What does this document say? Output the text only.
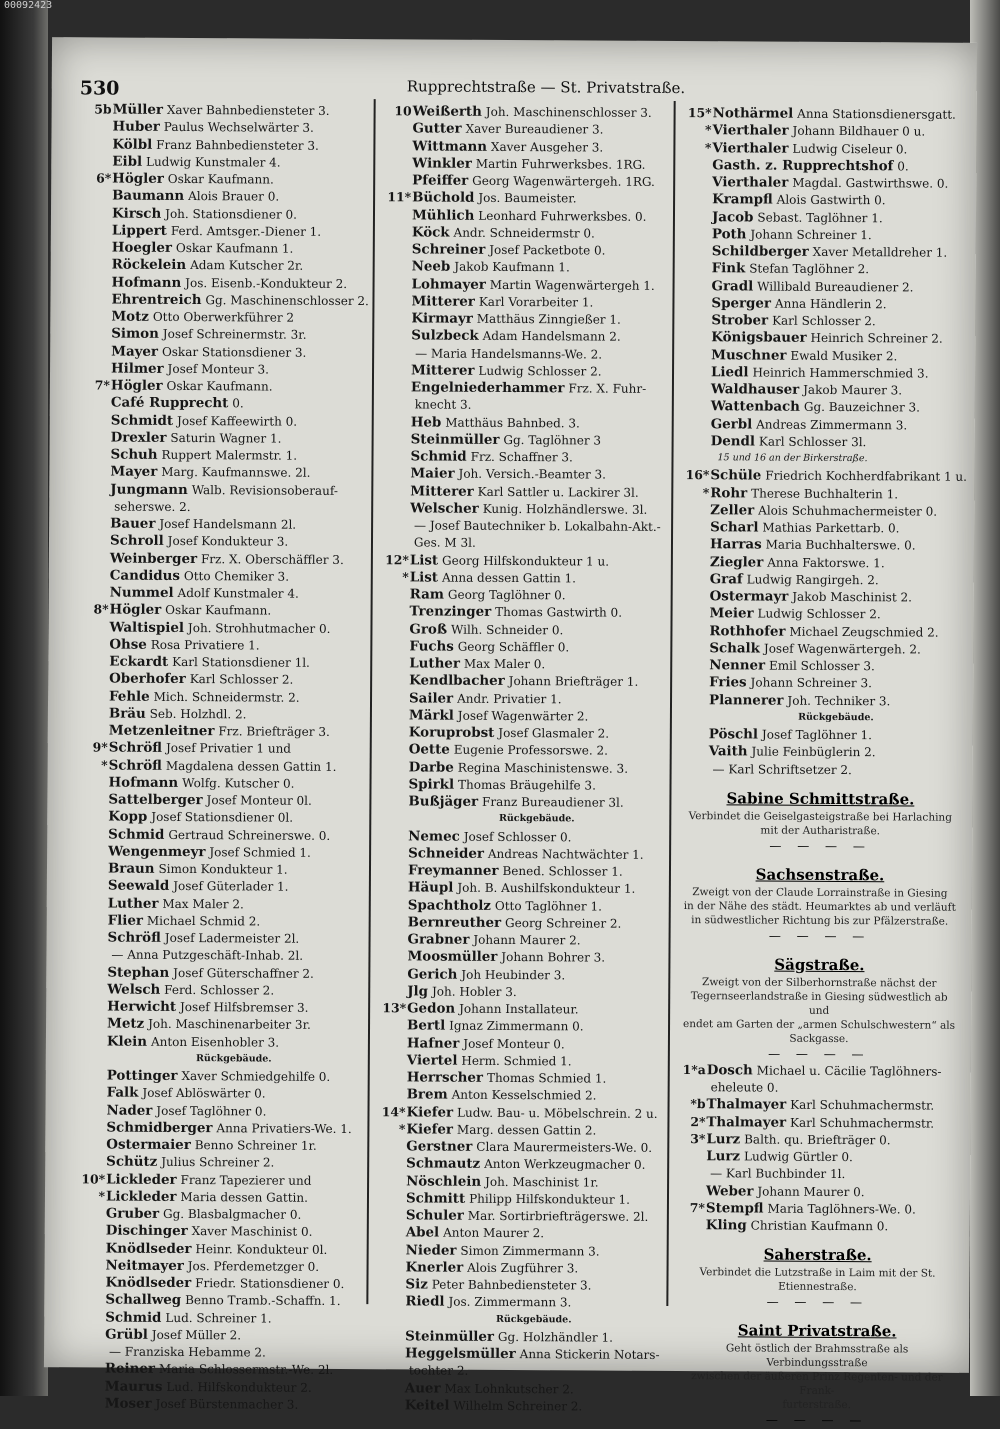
00092423
530	Rupprechtstraße — St. Privatstraße.
5bMüller Xaver Bahnbediensteter 3.
Huber Paulus Wechselwärter 3.
Kölbl Franz Bahnbediensteter 3.
Eibl Ludwig Kunstmaler 4.
6*Högler Oskar Kaufmann.
Baumann Alois Brauer 0.
Kirsch Joh. Stationsdiener 0.
Lippert Ferd. Amtsger.-Diener 1.
Hoegler Oskar Kaufmann 1.
Röckelein Adam Kutscher 2r.
Hofmann Jos. Eisenb.-Kondukteur 2.
Ehrentreich Gg. Maschinenschlosser 2.
Motz Otto Oberwerkführer 2
Simon Josef Schreinermstr. 3r.
Mayer Oskar Stationsdiener 3.
Hilmer Josef Monteur 3.
7*Högler Oskar Kaufmann.
Café Rupprecht 0.
Schmidt Josef Kaffeewirth 0.
Drexler Saturin Wagner 1.
Schuh Ruppert Malermstr. 1.
Mayer Marg. Kaufmannswe. 2l.
Jungmann Walb. Revisionsoberauf-
seherswe. 2.
Bauer Josef Handelsmann 2l.
Schroll Josef Kondukteur 3.
Weinberger Frz. X. Oberschäffler 3.
Candidus Otto Chemiker 3.
Nummel Adolf Kunstmaler 4.
8*Högler Oskar Kaufmann.
Waltispiel Joh. Strohhutmacher 0.
Ohse Rosa Privatiere 1.
Eckardt Karl Stationsdiener 1l.
Oberhofer Karl Schlosser 2.
Fehle Mich. Schneidermstr. 2.
Bräu Seb. Holzhdl. 2.
Metzenleitner Frz. Briefträger 3.
9*Schröfl Josef Privatier 1 und
*Schröfl Magdalena dessen Gattin 1.
Hofmann Wolfg. Kutscher 0.
Sattelberger Josef Monteur 0l.
Kopp Josef Stationsdiener 0l.
Schmid Gertraud Schreinerswe. 0.
Wengenmeyr Josef Schmied 1.
Braun Simon Kondukteur 1.
Seewald Josef Güterlader 1.
Luther Max Maler 2.
Flier Michael Schmid 2.
Schröfl Josef Ladermeister 2l.
— Anna Putzgeschäft-Inhab. 2l.
Stephan Josef Güterschaffner 2.
Welsch Ferd. Schlosser 2.
Herwicht Josef Hilfsbremser 3.
Metz Joh. Maschinenarbeiter 3r.
Klein Anton Eisenhobler 3.
Rückgebäude.
Pottinger Xaver Schmiedgehilfe 0.
Falk Josef Ablöswärter 0.
Nader Josef Taglöhner 0.
Schmidberger Anna Privatiers-We. 1.
Ostermaier Benno Schreiner 1r.
Schütz Julius Schreiner 2.
10*Lickleder Franz Tapezierer und
*Lickleder Maria dessen Gattin.
Gruber Gg. Blasbalgmacher 0.
Dischinger Xaver Maschinist 0.
Knödlseder Heinr. Kondukteur 0l.
Neitmayer Jos. Pferdemetzger 0.
Knödlseder Friedr. Stationsdiener 0.
Schallweg Benno Tramb.-Schaffn. 1.
Schmid Lud. Schreiner 1.
Grübl Josef Müller 2.
— Franziska Hebamme 2.
Reiner Maria Schlossermstr.-We. 2l.
Maurus Lud. Hilfskondukteur 2.
Moser Josef Bürstenmacher 3.
10Weißerth Joh. Maschinenschlosser 3.
Gutter Xaver Bureaudiener 3.
Wittmann Xaver Ausgeher 3.
Winkler Martin Fuhrwerksbes. 1RG.
Pfeiffer Georg Wagenwärtergeh. 1RG.
11*Büchold Jos. Baumeister.
Mühlich Leonhard Fuhrwerksbes. 0.
Köck Andr. Schneidermstr 0.
Schreiner Josef Packetbote 0.
Neeb Jakob Kaufmann 1.
Lohmayer Martin Wagenwärtergeh 1.
Mitterer Karl Vorarbeiter 1.
Kirmayr Matthäus Zinngießer 1.
Sulzbeck Adam Handelsmann 2.
— Maria Handelsmanns-We. 2.
Mitterer Ludwig Schlosser 2.
Engelniederhammer Frz. X. Fuhr-
knecht 3.
Heb Matthäus Bahnbed. 3.
Steinmüller Gg. Taglöhner 3
Schmid Frz. Schaffner 3.
Maier Joh. Versich.-Beamter 3.
Mitterer Karl Sattler u. Lackirer 3l.
Welscher Kunig. Holzhändlerswe. 3l.
— Josef Bautechniker b. Lokalbahn-Akt.-
Ges. M 3l.
12*List Georg Hilfskondukteur 1 u.
*List Anna dessen Gattin 1.
Ram Georg Taglöhner 0.
Trenzinger Thomas Gastwirth 0.
Groß Wilh. Schneider 0.
Fuchs Georg Schäffler 0.
Luther Max Maler 0.
Kendlbacher Johann Briefträger 1.
Sailer Andr. Privatier 1.
Märkl Josef Wagenwärter 2.
Koruprobst Josef Glasmaler 2.
Oette Eugenie Professorswe. 2.
Darbe Regina Maschinistenswe. 3.
Spirkl Thomas Bräugehilfe 3.
Bußjäger Franz Bureaudiener 3l.
Rückgebäude.
Nemec Josef Schlosser 0.
Schneider Andreas Nachtwächter 1.
Freymanner Bened. Schlosser 1.
Häupl Joh. B. Aushilfskondukteur 1.
Spachtholz Otto Taglöhner 1.
Bernreuther Georg Schreiner 2.
Grabner Johann Maurer 2.
Moosmüller Johann Bohrer 3.
Gerich Joh Heubinder 3.
Jlg Joh. Hobler 3.
13*Gedon Johann Installateur.
Bertl Ignaz Zimmermann 0.
Hafner Josef Monteur 0.
Viertel Herm. Schmied 1.
Herrscher Thomas Schmied 1.
Brem Anton Kesselschmied 2.
14*Kiefer Ludw. Bau- u. Möbelschrein. 2 u.
*Kiefer Marg. dessen Gattin 2.
Gerstner Clara Maurermeisters-We. 0.
Schmautz Anton Werkzeugmacher 0.
Nöschlein Joh. Maschinist 1r.
Schmitt Philipp Hilfskondukteur 1.
Schuler Mar. Sortirbriefträgerswe. 2l.
Abel Anton Maurer 2.
Nieder Simon Zimmermann 3.
Knerler Alois Zugführer 3.
Siz Peter Bahnbediensteter 3.
Riedl Jos. Zimmermann 3.
Rückgebäude.
Steinmüller Gg. Holzhändler 1.
Heggelsmüller Anna Stickerin Notars-
tochter 2.
Auer Max Lohnkutscher 2.
Keitel Wilhelm Schreiner 2.
15*Nothärmel Anna Stationsdienersgatt.
*Vierthaler Johann Bildhauer 0 u.
*Vierthaler Ludwig Ciseleur 0.
Gasth. z. Rupprechtshof 0.
Vierthaler Magdal. Gastwirthswe. 0.
Krampfl Alois Gastwirth 0.
Jacob Sebast. Taglöhner 1.
Poth Johann Schreiner 1.
Schildberger Xaver Metalldreher 1.
Fink Stefan Taglöhner 2.
Gradl Willibald Bureaudiener 2.
Sperger Anna Händlerin 2.
Strober Karl Schlosser 2.
Königsbauer Heinrich Schreiner 2.
Muschner Ewald Musiker 2.
Liedl Heinrich Hammerschmied 3.
Waldhauser Jakob Maurer 3.
Wattenbach Gg. Bauzeichner 3.
Gerbl Andreas Zimmermann 3.
Dendl Karl Schlosser 3l.
15 und 16 an der Birkerstraße.
16*Schüle Friedrich Kochherdfabrikant 1 u.
*Rohr Therese Buchhalterin 1.
Zeller Alois Schuhmachermeister 0.
Scharl Mathias Parkettarb. 0.
Harras Maria Buchhalterswe. 0.
Ziegler Anna Faktorswe. 1.
Graf Ludwig Rangirgeh. 2.
Ostermayr Jakob Maschinist 2.
Meier Ludwig Schlosser 2.
Rothhofer Michael Zeugschmied 2.
Schalk Josef Wagenwärtergeh. 2.
Nenner Emil Schlosser 3.
Fries Johann Schreiner 3.
Plannerer Joh. Techniker 3.
Rückgebäude.
Pöschl Josef Taglöhner 1.
Vaith Julie Feinbüglerin 2.
— Karl Schriftsetzer 2.
Sabine Schmittstraße.
Verbindet die Geiselgasteigstraße bei Harlaching
mit der Autharistraße.
— — — —
Sachsenstraße.
Zweigt von der Claude Lorrainstraße in Giesing
in der Nähe des städt. Heumarktes ab und verläuft
in südwestlicher Richtung bis zur Pfälzerstraße.
— — — —
Sägstraße.
Zweigt von der Silberhornstraße nächst der
Tegernseerlandstraße in Giesing südwestlich ab und
endet am Garten der „armen Schulschwestern“ als
Sackgasse.
— — — —
1*aDosch Michael u. Cäcilie Taglöhners-
eheleute 0.
*bThalmayer Karl Schuhmachermstr.
2*Thalmayer Karl Schuhmachermstr.
3*Lurz Balth. qu. Briefträger 0.
Lurz Ludwig Gürtler 0.
— Karl Buchbinder 1l.
Weber Johann Maurer 0.
7*Stempfl Maria Taglöhners-We. 0.
Kling Christian Kaufmann 0.
Saherstraße.
Verbindet die Lutzstraße in Laim mit der St.
Etiennestraße.
— — — —
Saint Privatstraße.
Geht östlich der Brahmsstraße als Verbindungsstraße
zwischen der äußeren Prinz Regenten- und der Frank-
furterstraße.
— — — —
